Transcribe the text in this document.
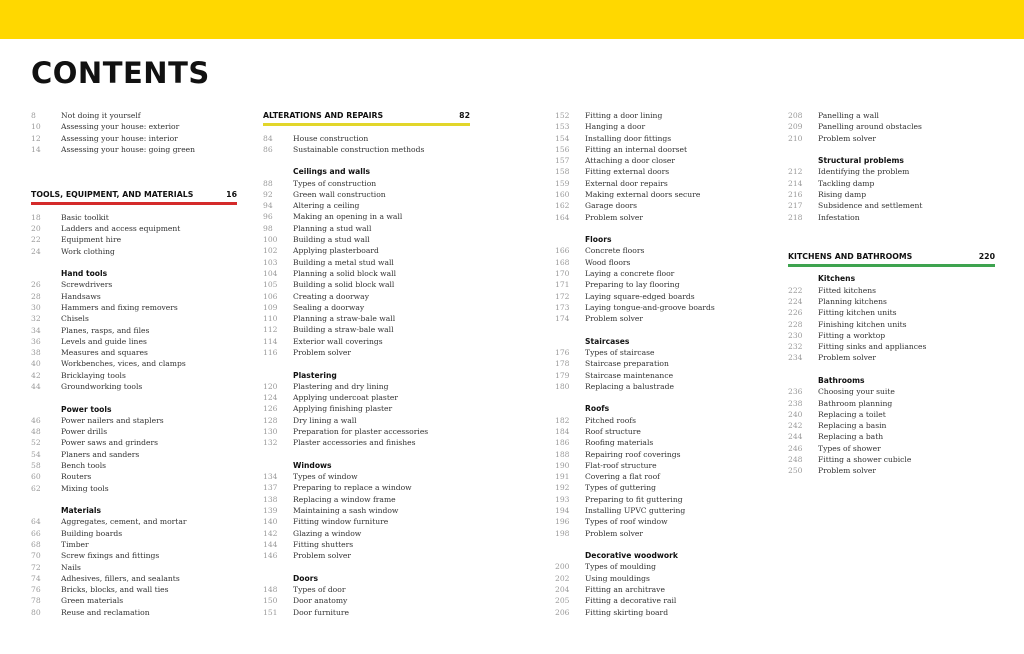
CONTENTS
8	Not doing it yourself
10	Assessing your house: exterior
12	Assessing your house: interior
14	Assessing your house: going green
TOOLS, EQUIPMENT, AND MATERIALS	16
18	Basic toolkit
20	Ladders and access equipment
22	Equipment hire
24	Work clothing
Hand tools
26	Screwdrivers
28	Handsaws
30	Hammers and fixing removers
32	Chisels
34	Planes, rasps, and files
36	Levels and guide lines
38	Measures and squares
40	Workbenches, vices, and clamps
42	Bricklaying tools
44	Groundworking tools
Power tools
46	Power nailers and staplers
48	Power drills
52	Power saws and grinders
54	Planers and sanders
58	Bench tools
60	Routers
62	Mixing tools
Materials
64	Aggregates, cement, and mortar
66	Building boards
68	Timber
70	Screw fixings and fittings
72	Nails
74	Adhesives, fillers, and sealants
76	Bricks, blocks, and wall ties
78	Green materials
80	Reuse and reclamation
ALTERATIONS AND REPAIRS	82
84	House construction
86	Sustainable construction methods
Ceilings and walls
88	Types of construction
92	Green wall construction
94	Altering a ceiling
96	Making an opening in a wall
98	Planning a stud wall
100	Building a stud wall
102	Applying plasterboard
103	Building a metal stud wall
104	Planning a solid block wall
105	Building a solid block wall
106	Creating a doorway
109	Sealing a doorway
110	Planning a straw-bale wall
112	Building a straw-bale wall
114	Exterior wall coverings
116	Problem solver
Plastering
120	Plastering and dry lining
124	Applying undercoat plaster
126	Applying finishing plaster
128	Dry lining a wall
130	Preparation for plaster accessories
132	Plaster accessories and finishes
Windows
134	Types of window
137	Preparing to replace a window
138	Replacing a window frame
139	Maintaining a sash window
140	Fitting window furniture
142	Glazing a window
144	Fitting shutters
146	Problem solver
Doors
148	Types of door
150	Door anatomy
151	Door furniture
152	Fitting a door lining
153	Hanging a door
154	Installing door fittings
156	Fitting an internal doorset
157	Attaching a door closer
158	Fitting external doors
159	External door repairs
160	Making external doors secure
162	Garage doors
164	Problem solver
Floors
166	Concrete floors
168	Wood floors
170	Laying a concrete floor
171	Preparing to lay flooring
172	Laying square-edged boards
173	Laying tongue-and-groove boards
174	Problem solver
Staircases
176	Types of staircase
178	Staircase preparation
179	Staircase maintenance
180	Replacing a balustrade
Roofs
182	Pitched roofs
184	Roof structure
186	Roofing materials
188	Repairing roof coverings
190	Flat-roof structure
191	Covering a flat roof
192	Types of guttering
193	Preparing to fit guttering
194	Installing UPVC guttering
196	Types of roof window
198	Problem solver
Decorative woodwork
200	Types of moulding
202	Using mouldings
204	Fitting an architrave
205	Fitting a decorative rail
206	Fitting skirting board
208	Panelling a wall
209	Panelling around obstacles
210	Problem solver
Structural problems
212	Identifying the problem
214	Tackling damp
216	Rising damp
217	Subsidence and settlement
218	Infestation
KITCHENS AND BATHROOMS	220
Kitchens
222	Fitted kitchens
224	Planning kitchens
226	Fitting kitchen units
228	Finishing kitchen units
230	Fitting a worktop
232	Fitting sinks and appliances
234	Problem solver
Bathrooms
236	Choosing your suite
238	Bathroom planning
240	Replacing a toilet
242	Replacing a basin
244	Replacing a bath
246	Types of shower
248	Fitting a shower cubicle
250	Problem solver
